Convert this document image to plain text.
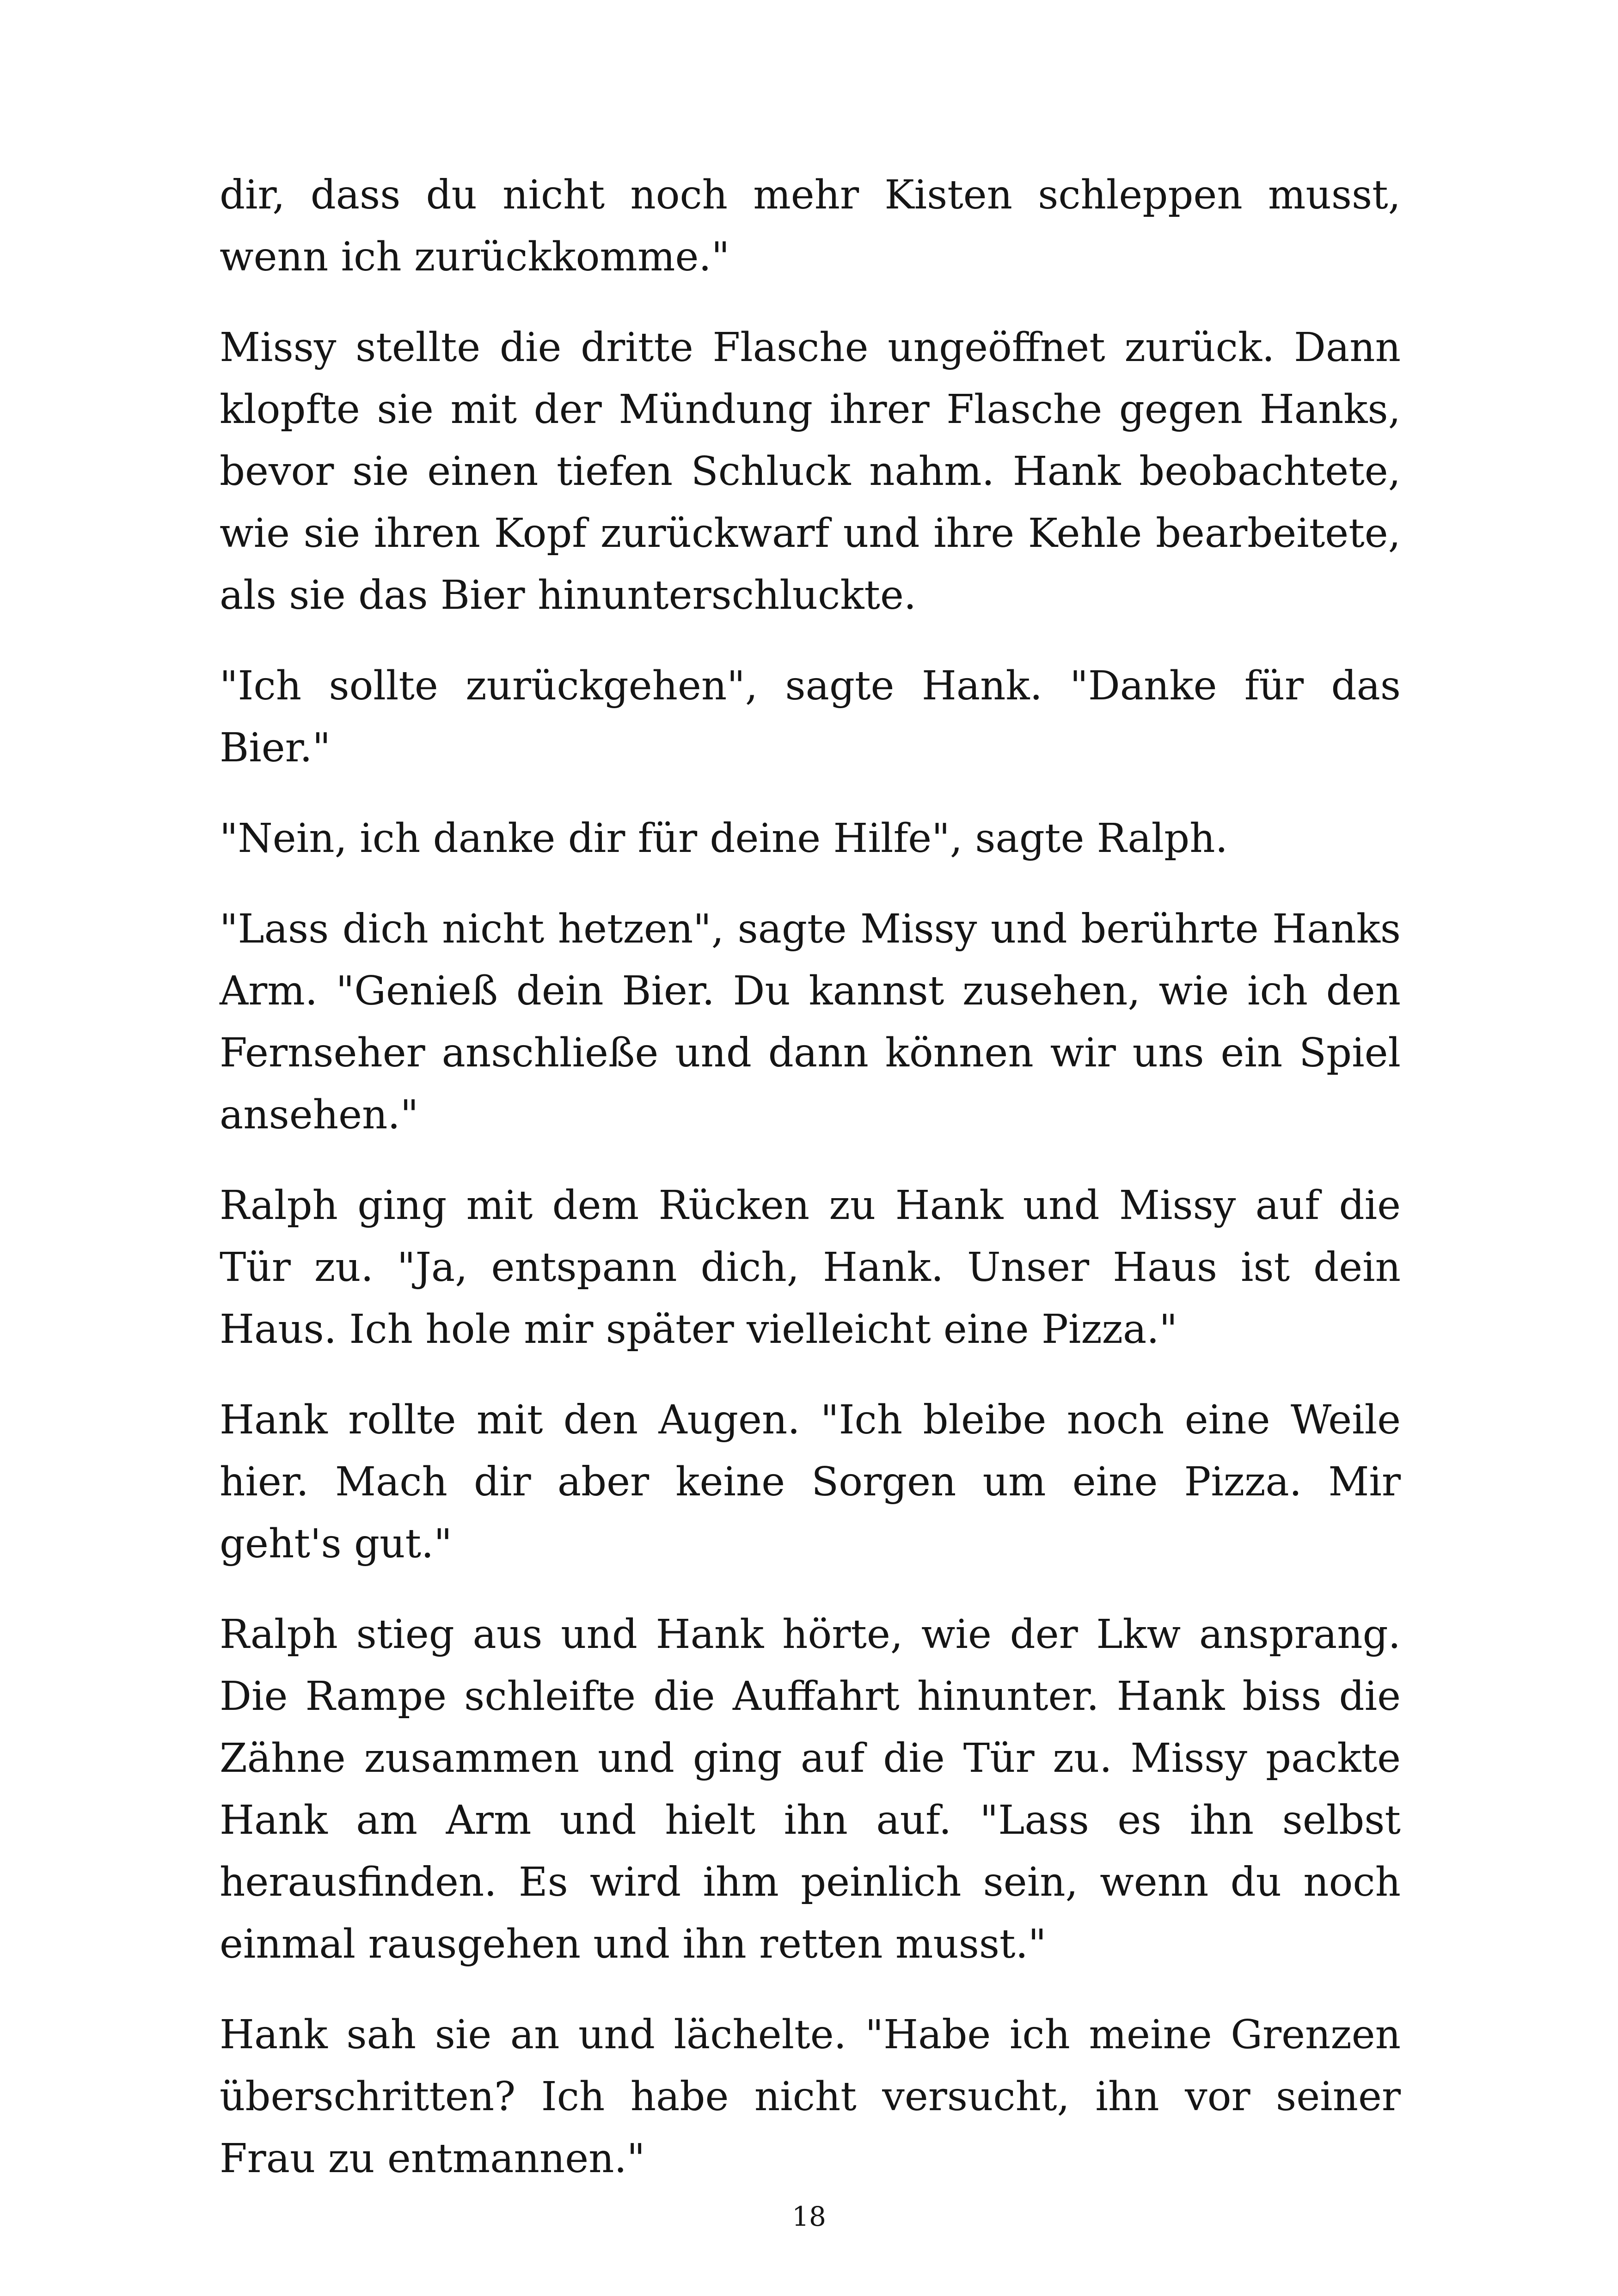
dir, dass du nicht noch mehr Kisten schleppen musst, wenn ich zurückkomme."

Missy stellte die dritte Flasche ungeöffnet zurück. Dann klopfte sie mit der Mündung ihrer Flasche gegen Hanks, bevor sie einen tiefen Schluck nahm. Hank beobachtete, wie sie ihren Kopf zurückwarf und ihre Kehle bearbeitete, als sie das Bier hinunterschluckte.

"Ich sollte zurückgehen", sagte Hank. "Danke für das Bier."

"Nein, ich danke dir für deine Hilfe", sagte Ralph.

"Lass dich nicht hetzen", sagte Missy und berührte Hanks Arm. "Genieß dein Bier. Du kannst zusehen, wie ich den Fernseher anschließe und dann können wir uns ein Spiel ansehen."

Ralph ging mit dem Rücken zu Hank und Missy auf die Tür zu. "Ja, entspann dich, Hank. Unser Haus ist dein Haus. Ich hole mir später vielleicht eine Pizza."

Hank rollte mit den Augen. "Ich bleibe noch eine Weile hier. Mach dir aber keine Sorgen um eine Pizza. Mir geht's gut."

Ralph stieg aus und Hank hörte, wie der Lkw ansprang. Die Rampe schleifte die Auffahrt hinunter. Hank biss die Zähne zusammen und ging auf die Tür zu. Missy packte Hank am Arm und hielt ihn auf. "Lass es ihn selbst herausfinden. Es wird ihm peinlich sein, wenn du noch einmal rausgehen und ihn retten musst."

Hank sah sie an und lächelte. "Habe ich meine Grenzen überschritten? Ich habe nicht versucht, ihn vor seiner Frau zu entmannen."

18
